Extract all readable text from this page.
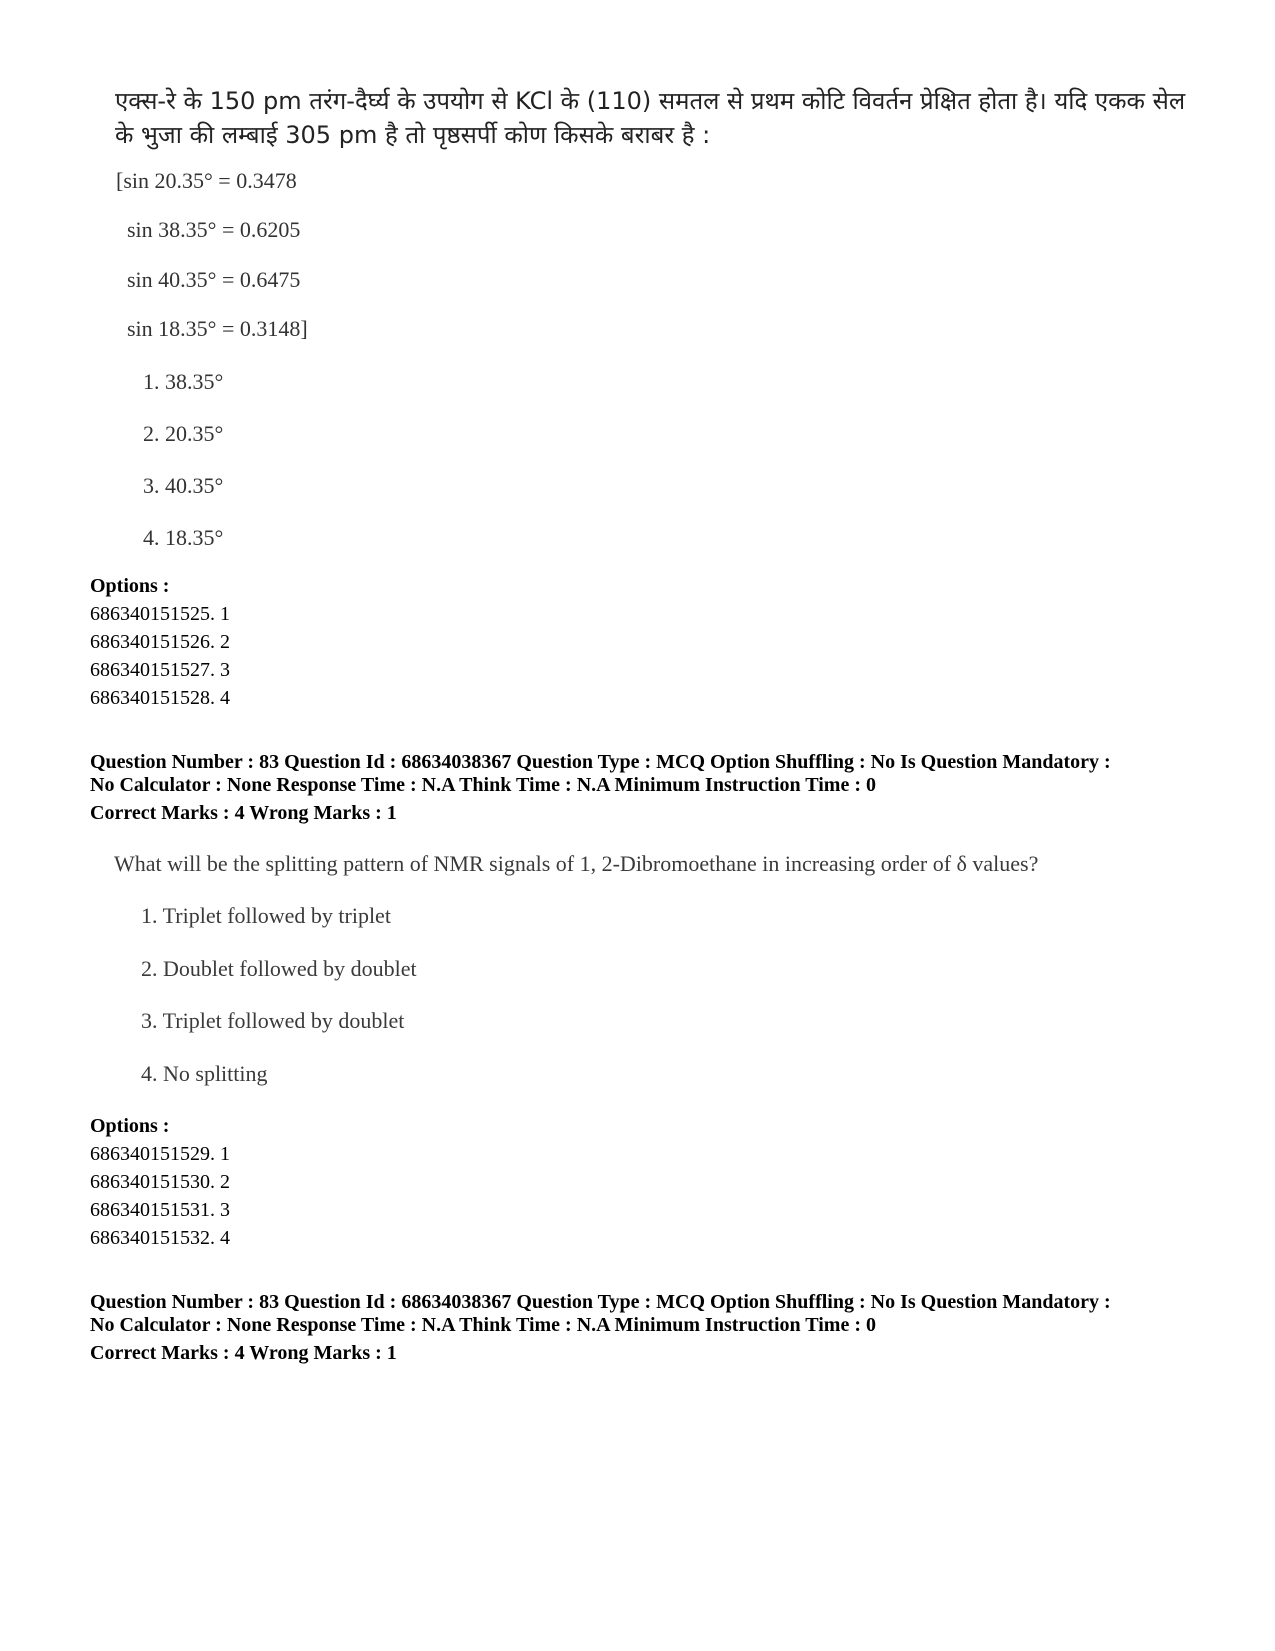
एक्स-रे के 150 pm तरंग-दैर्घ्य के उपयोग से KCl के (110) समतल से प्रथम कोटि विवर्तन प्रेक्षित होता है। यदि एकक सेल
के भुजा की लम्बाई 305 pm है तो पृष्ठसर्पी कोण किसके बराबर है :
[sin 20.35° = 0.3478
sin 38.35° = 0.6205
sin 40.35° = 0.6475
sin 18.35° = 0.3148]
1. 38.35°
2. 20.35°
3. 40.35°
4. 18.35°
Options :
686340151525. 1
686340151526. 2
686340151527. 3
686340151528. 4
Question Number : 83 Question Id : 68634038367 Question Type : MCQ Option Shuffling : No Is Question Mandatory :
No Calculator : None Response Time : N.A Think Time : N.A Minimum Instruction Time : 0
Correct Marks : 4 Wrong Marks : 1
What will be the splitting pattern of NMR signals of 1, 2-Dibromoethane in increasing order of δ values?
1. Triplet followed by triplet
2. Doublet followed by doublet
3. Triplet followed by doublet
4. No splitting
Options :
686340151529. 1
686340151530. 2
686340151531. 3
686340151532. 4
Question Number : 83 Question Id : 68634038367 Question Type : MCQ Option Shuffling : No Is Question Mandatory :
No Calculator : None Response Time : N.A Think Time : N.A Minimum Instruction Time : 0
Correct Marks : 4 Wrong Marks : 1
